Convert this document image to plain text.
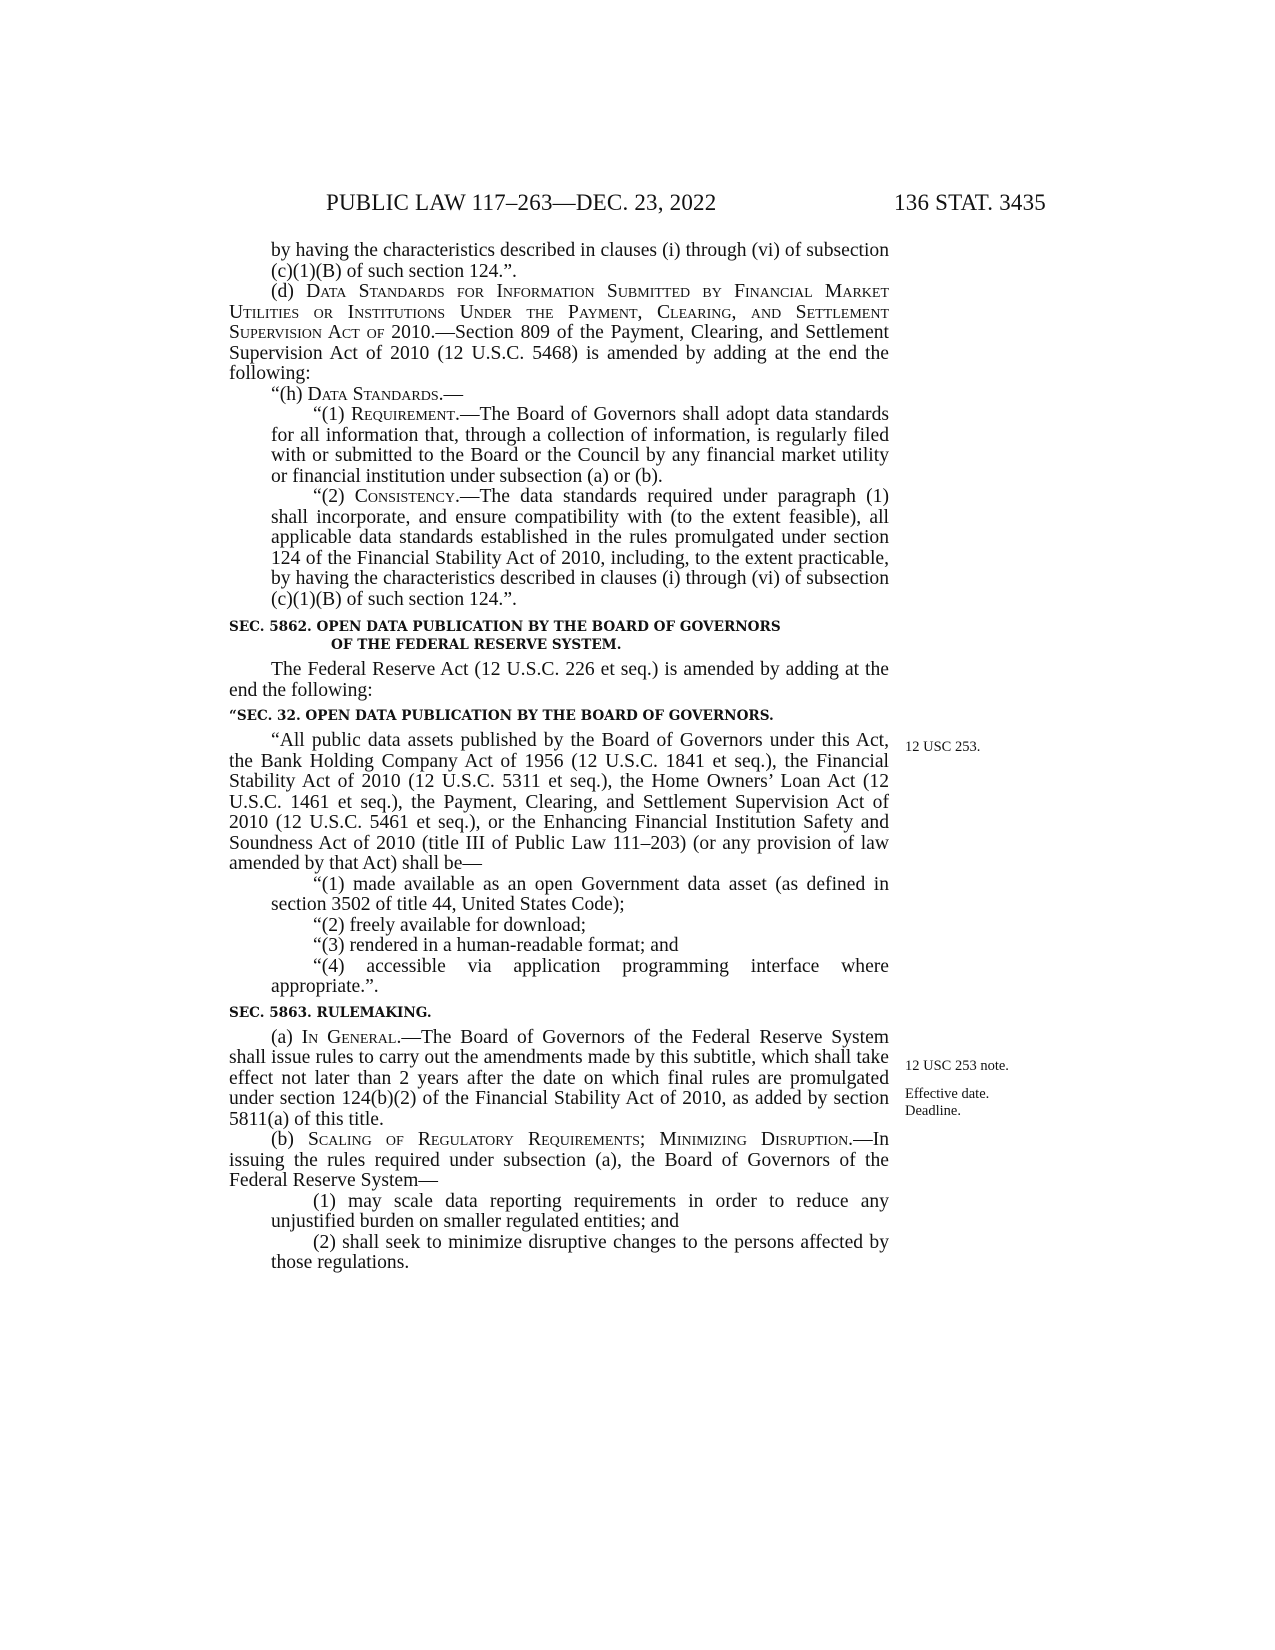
PUBLIC LAW 117–263—DEC. 23, 2022	136 STAT. 3435

by having the characteristics described in clauses (i) through (vi) of subsection (c)(1)(B) of such section 124.”.

(d) Data Standards for Information Submitted by Financial Market Utilities or Institutions Under the Payment, Clearing, and Settlement Supervision Act of 2010.—Section 809 of the Payment, Clearing, and Settlement Supervision Act of 2010 (12 U.S.C. 5468) is amended by adding at the end the following:

“(h) Data Standards.—

“(1) Requirement.—The Board of Governors shall adopt data standards for all information that, through a collection of information, is regularly filed with or submitted to the Board or the Council by any financial market utility or financial institution under subsection (a) or (b).

“(2) Consistency.—The data standards required under paragraph (1) shall incorporate, and ensure compatibility with (to the extent feasible), all applicable data standards established in the rules promulgated under section 124 of the Financial Stability Act of 2010, including, to the extent practicable, by having the characteristics described in clauses (i) through (vi) of subsection (c)(1)(B) of such section 124.”.

SEC. 5862. OPEN DATA PUBLICATION BY THE BOARD OF GOVERNORS
OF THE FEDERAL RESERVE SYSTEM.

The Federal Reserve Act (12 U.S.C. 226 et seq.) is amended by adding at the end the following:

“SEC. 32. OPEN DATA PUBLICATION BY THE BOARD OF GOVERNORS.

“All public data assets published by the Board of Governors under this Act, the Bank Holding Company Act of 1956 (12 U.S.C. 1841 et seq.), the Financial Stability Act of 2010 (12 U.S.C. 5311 et seq.), the Home Owners’ Loan Act (12 U.S.C. 1461 et seq.), the Payment, Clearing, and Settlement Supervision Act of 2010 (12 U.S.C. 5461 et seq.), or the Enhancing Financial Institution Safety and Soundness Act of 2010 (title III of Public Law 111–203) (or any provision of law amended by that Act) shall be—

“(1) made available as an open Government data asset (as defined in section 3502 of title 44, United States Code);

“(2) freely available for download;

“(3) rendered in a human-readable format; and

“(4) accessible via application programming interface where appropriate.”.

SEC. 5863. RULEMAKING.

(a) In General.—The Board of Governors of the Federal Reserve System shall issue rules to carry out the amendments made by this subtitle, which shall take effect not later than 2 years after the date on which final rules are promulgated under section 124(b)(2) of the Financial Stability Act of 2010, as added by section 5811(a) of this title.

(b) Scaling of Regulatory Requirements; Minimizing Disruption.—In issuing the rules required under subsection (a), the Board of Governors of the Federal Reserve System—

(1) may scale data reporting requirements in order to reduce any unjustified burden on smaller regulated entities; and

(2) shall seek to minimize disruptive changes to the persons affected by those regulations.

12 USC 253.
12 USC 253 note.
Effective date.
Deadline.
